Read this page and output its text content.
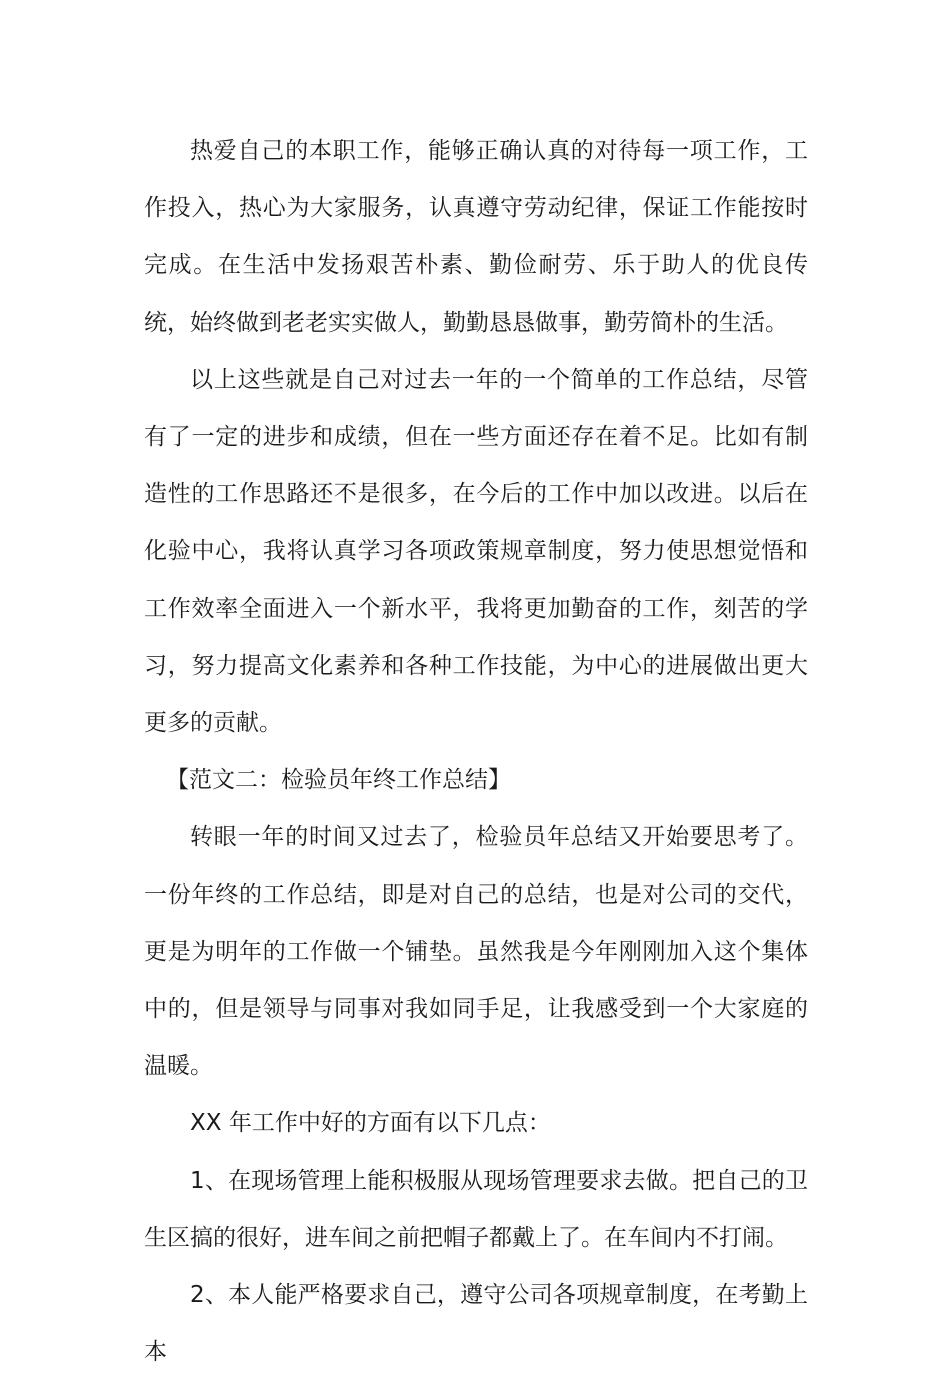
热爱自己的本职工作，能够正确认真的对待每一项工作，工作投入，热心为大家服务，认真遵守劳动纪律，保证工作能按时完成。在生活中发扬艰苦朴素、勤俭耐劳、乐于助人的优良传统，始终做到老老实实做人，勤勤恳恳做事，勤劳简朴的生活。

以上这些就是自己对过去一年的一个简单的工作总结，尽管有了一定的进步和成绩，但在一些方面还存在着不足。比如有制造性的工作思路还不是很多，在今后的工作中加以改进。以后在化验中心，我将认真学习各项政策规章制度，努力使思想觉悟和工作效率全面进入一个新水平，我将更加勤奋的工作，刻苦的学习，努力提高文化素养和各种工作技能，为中心的进展做出更大更多的贡献。

【范文二：检验员年终工作总结】

转眼一年的时间又过去了，检验员年总结又开始要思考了。一份年终的工作总结，即是对自己的总结，也是对公司的交代，更是为明年的工作做一个铺垫。虽然我是今年刚刚加入这个集体中的，但是领导与同事对我如同手足，让我感受到一个大家庭的温暖。

XX 年工作中好的方面有以下几点：

1、在现场管理上能积极服从现场管理要求去做。把自己的卫生区搞的很好，进车间之前把帽子都戴上了。在车间内不打闹。

2、本人能严格要求自己，遵守公司各项规章制度，在考勤上本
